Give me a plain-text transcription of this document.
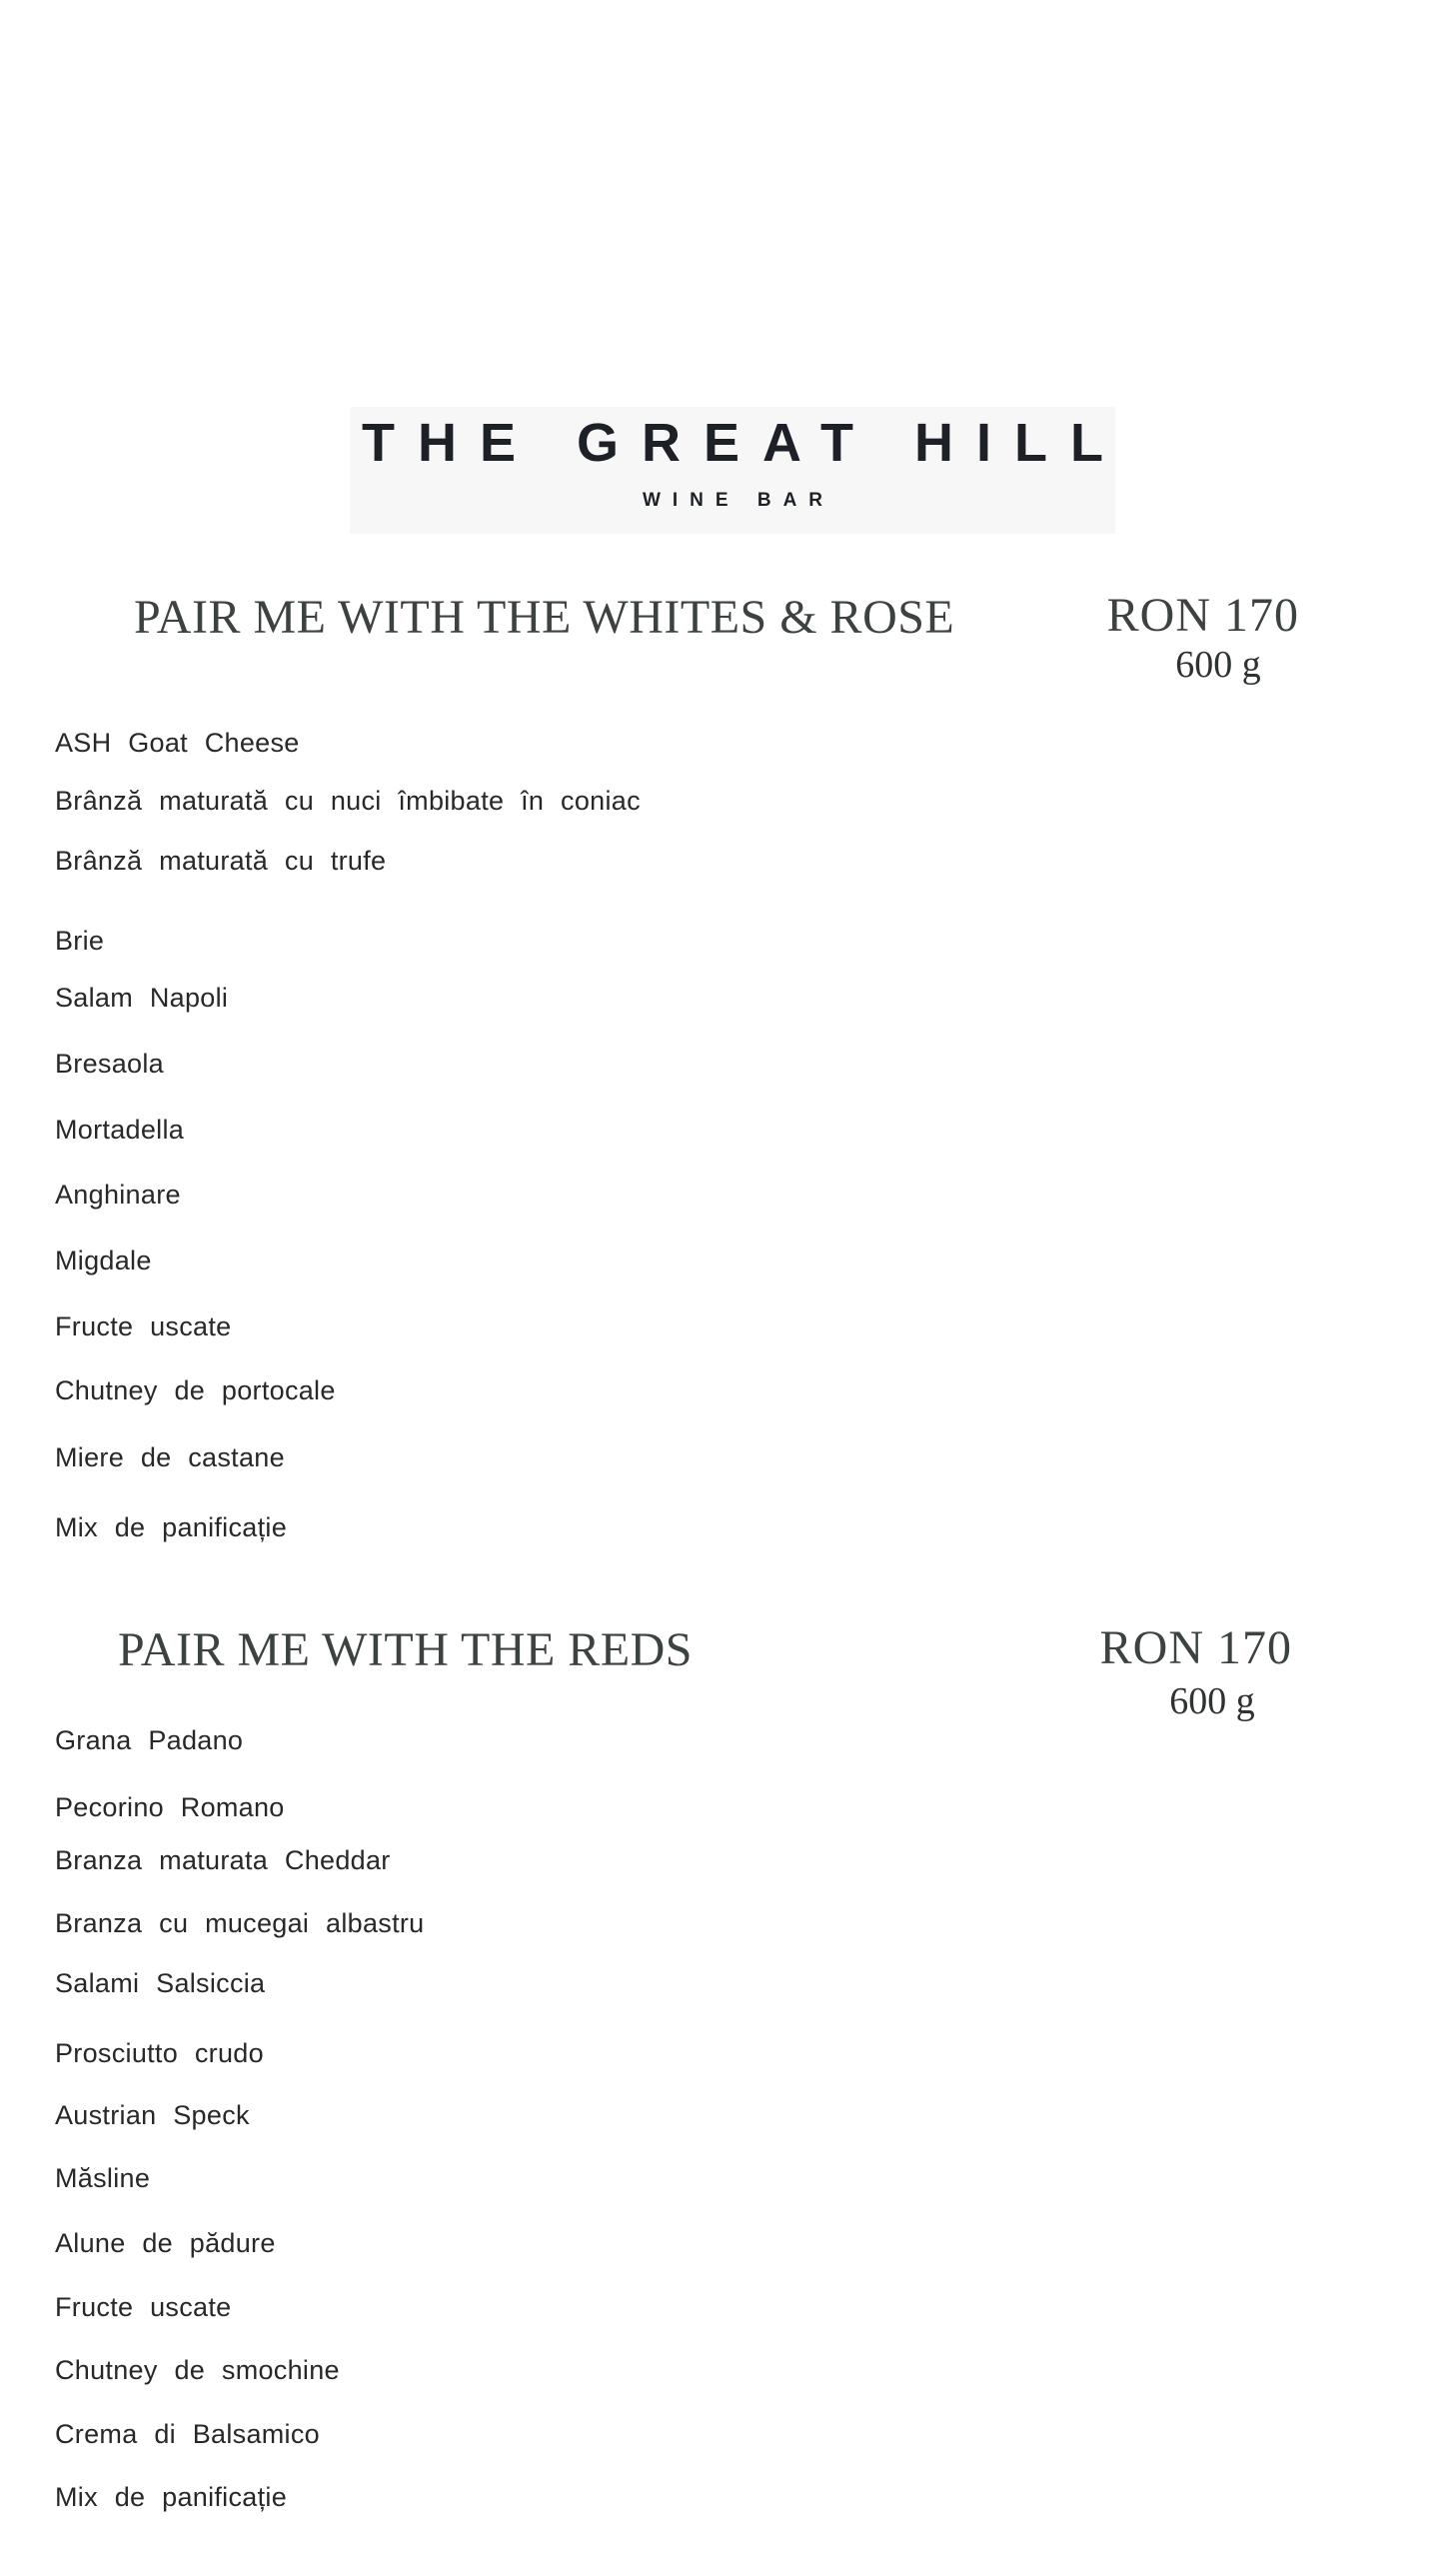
THE GREAT HILL
WINE BAR
PAIR ME WITH THE WHITES & ROSE	RON 170
600 g
ASH Goat Cheese
Brânză maturată cu nuci îmbibate în coniac
Brânză maturată cu trufe
Brie
Salam Napoli
Bresaola
Mortadella
Anghinare
Migdale
Fructe uscate
Chutney de portocale
Miere de castane
Mix de panificație
PAIR ME WITH THE REDS	RON 170
600 g
Grana Padano
Pecorino Romano
Branza maturata Cheddar
Branza cu mucegai albastru
Salami Salsiccia
Prosciutto crudo
Austrian Speck
Măsline
Alune de pădure
Fructe uscate
Chutney de smochine
Crema di Balsamico
Mix de panificație
